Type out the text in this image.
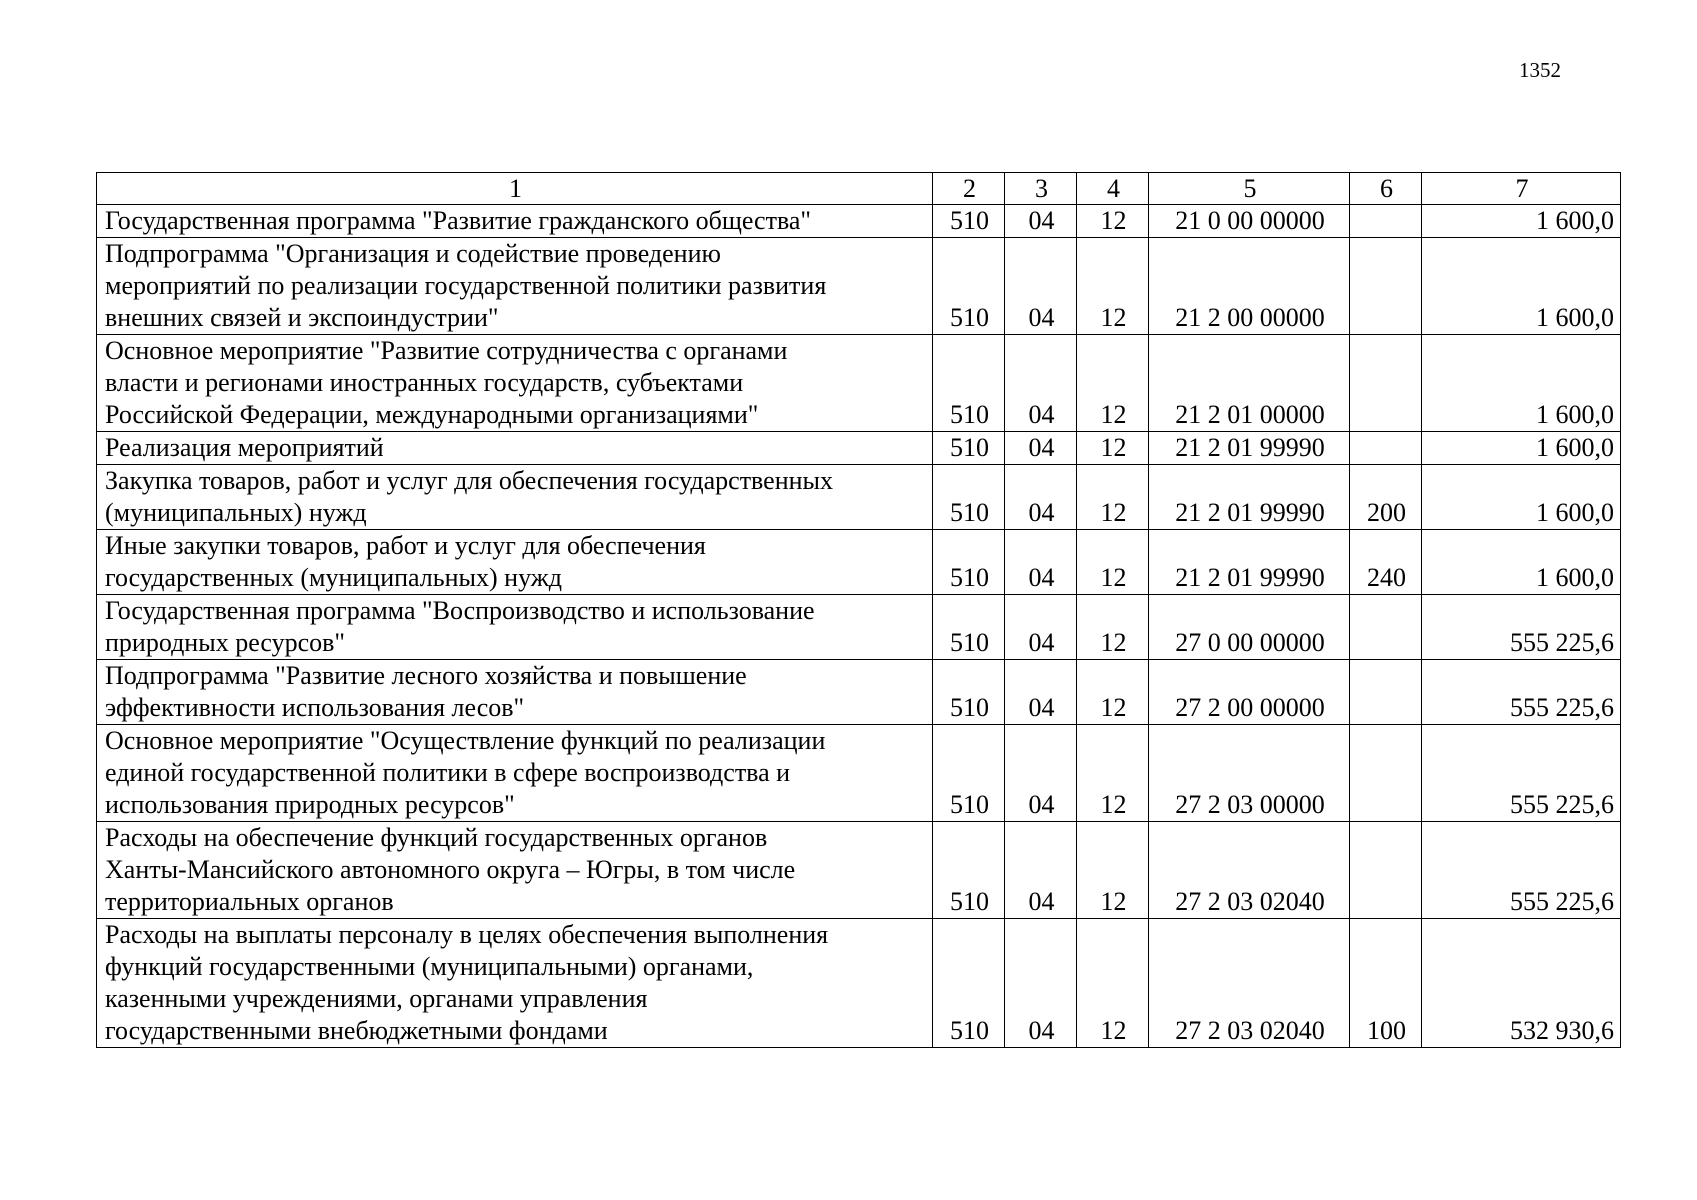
1352
1	2	3	4	5	6	7
Государственная программа "Развитие гражданского общества"	510	04	12	21 0 00 00000		1 600,0
Подпрограмма "Организация и содействие проведению
мероприятий по реализации государственной политики развития
внешних связей и экспоиндустрии"	510	04	12	21 2 00 00000		1 600,0
Основное мероприятие "Развитие сотрудничества с органами
власти и регионами иностранных государств, субъектами
Российской Федерации, международными организациями"	510	04	12	21 2 01 00000		1 600,0
Реализация мероприятий	510	04	12	21 2 01 99990		1 600,0
Закупка товаров, работ и услуг для обеспечения государственных
(муниципальных) нужд	510	04	12	21 2 01 99990	200	1 600,0
Иные закупки товаров, работ и услуг для обеспечения
государственных (муниципальных) нужд	510	04	12	21 2 01 99990	240	1 600,0
Государственная программа "Воспроизводство и использование
природных ресурсов"	510	04	12	27 0 00 00000		555 225,6
Подпрограмма "Развитие лесного хозяйства и повышение
эффективности использования лесов"	510	04	12	27 2 00 00000		555 225,6
Основное мероприятие "Осуществление функций по реализации
единой государственной политики в сфере воспроизводства и
использования природных ресурсов"	510	04	12	27 2 03 00000		555 225,6
Расходы на обеспечение функций государственных органов
Ханты-Мансийского автономного округа – Югры, в том числе
территориальных органов	510	04	12	27 2 03 02040		555 225,6
Расходы на выплаты персоналу в целях обеспечения выполнения
функций государственными (муниципальными) органами,
казенными учреждениями, органами управления
государственными внебюджетными фондами	510	04	12	27 2 03 02040	100	532 930,6
